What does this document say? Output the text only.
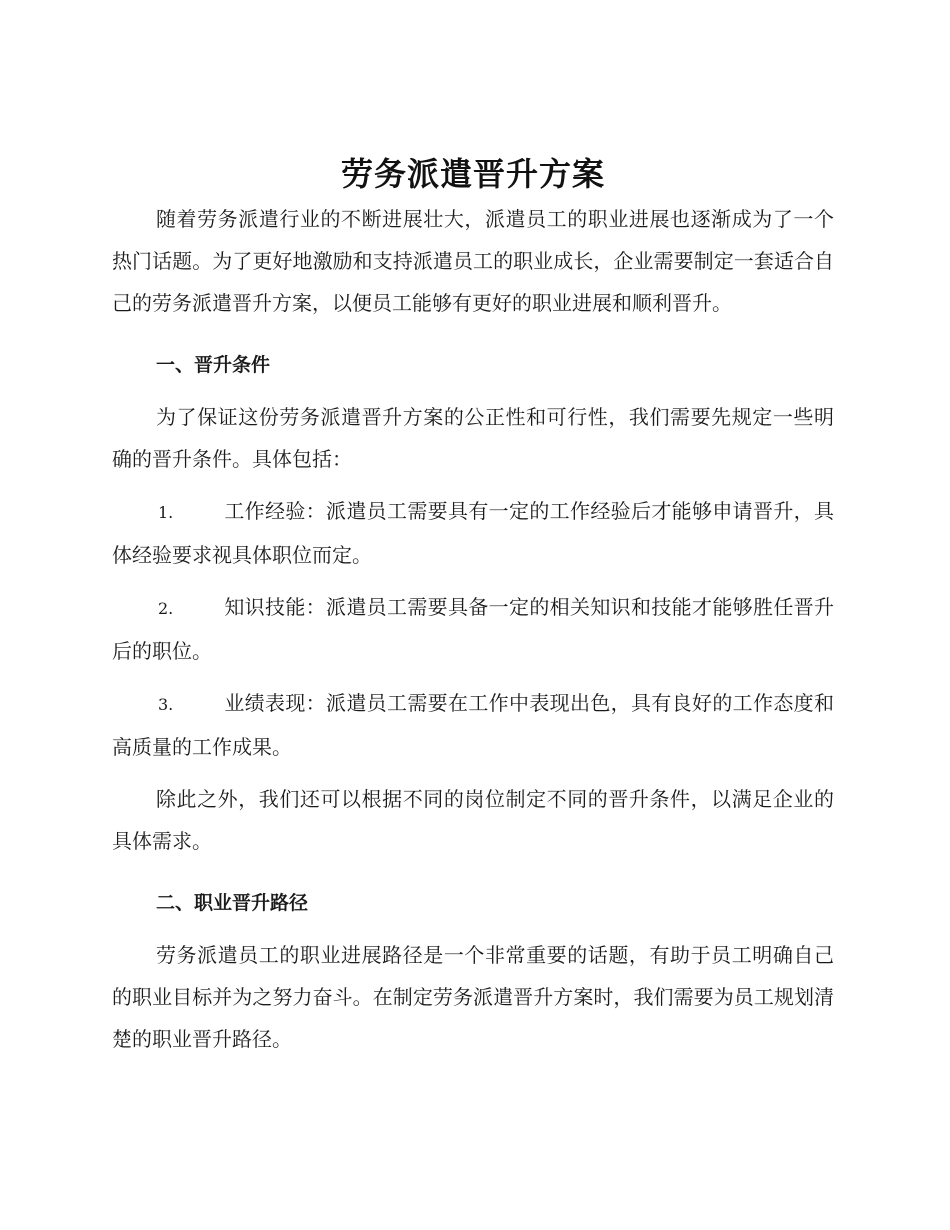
劳务派遣晋升方案

随着劳务派遣行业的不断进展壮大，派遣员工的职业进展也逐渐成为了一个热门话题。为了更好地激励和支持派遣员工的职业成长，企业需要制定一套适合自己的劳务派遣晋升方案，以便员工能够有更好的职业进展和顺利晋升。

一、晋升条件

为了保证这份劳务派遣晋升方案的公正性和可行性，我们需要先规定一些明确的晋升条件。具体包括：

1.	工作经验：派遣员工需要具有一定的工作经验后才能够申请晋升，具体经验要求视具体职位而定。

2.	知识技能：派遣员工需要具备一定的相关知识和技能才能够胜任晋升后的职位。

3.	业绩表现：派遣员工需要在工作中表现出色，具有良好的工作态度和高质量的工作成果。

除此之外，我们还可以根据不同的岗位制定不同的晋升条件，以满足企业的具体需求。

二、职业晋升路径

劳务派遣员工的职业进展路径是一个非常重要的话题，有助于员工明确自己的职业目标并为之努力奋斗。在制定劳务派遣晋升方案时，我们需要为员工规划清楚的职业晋升路径。
